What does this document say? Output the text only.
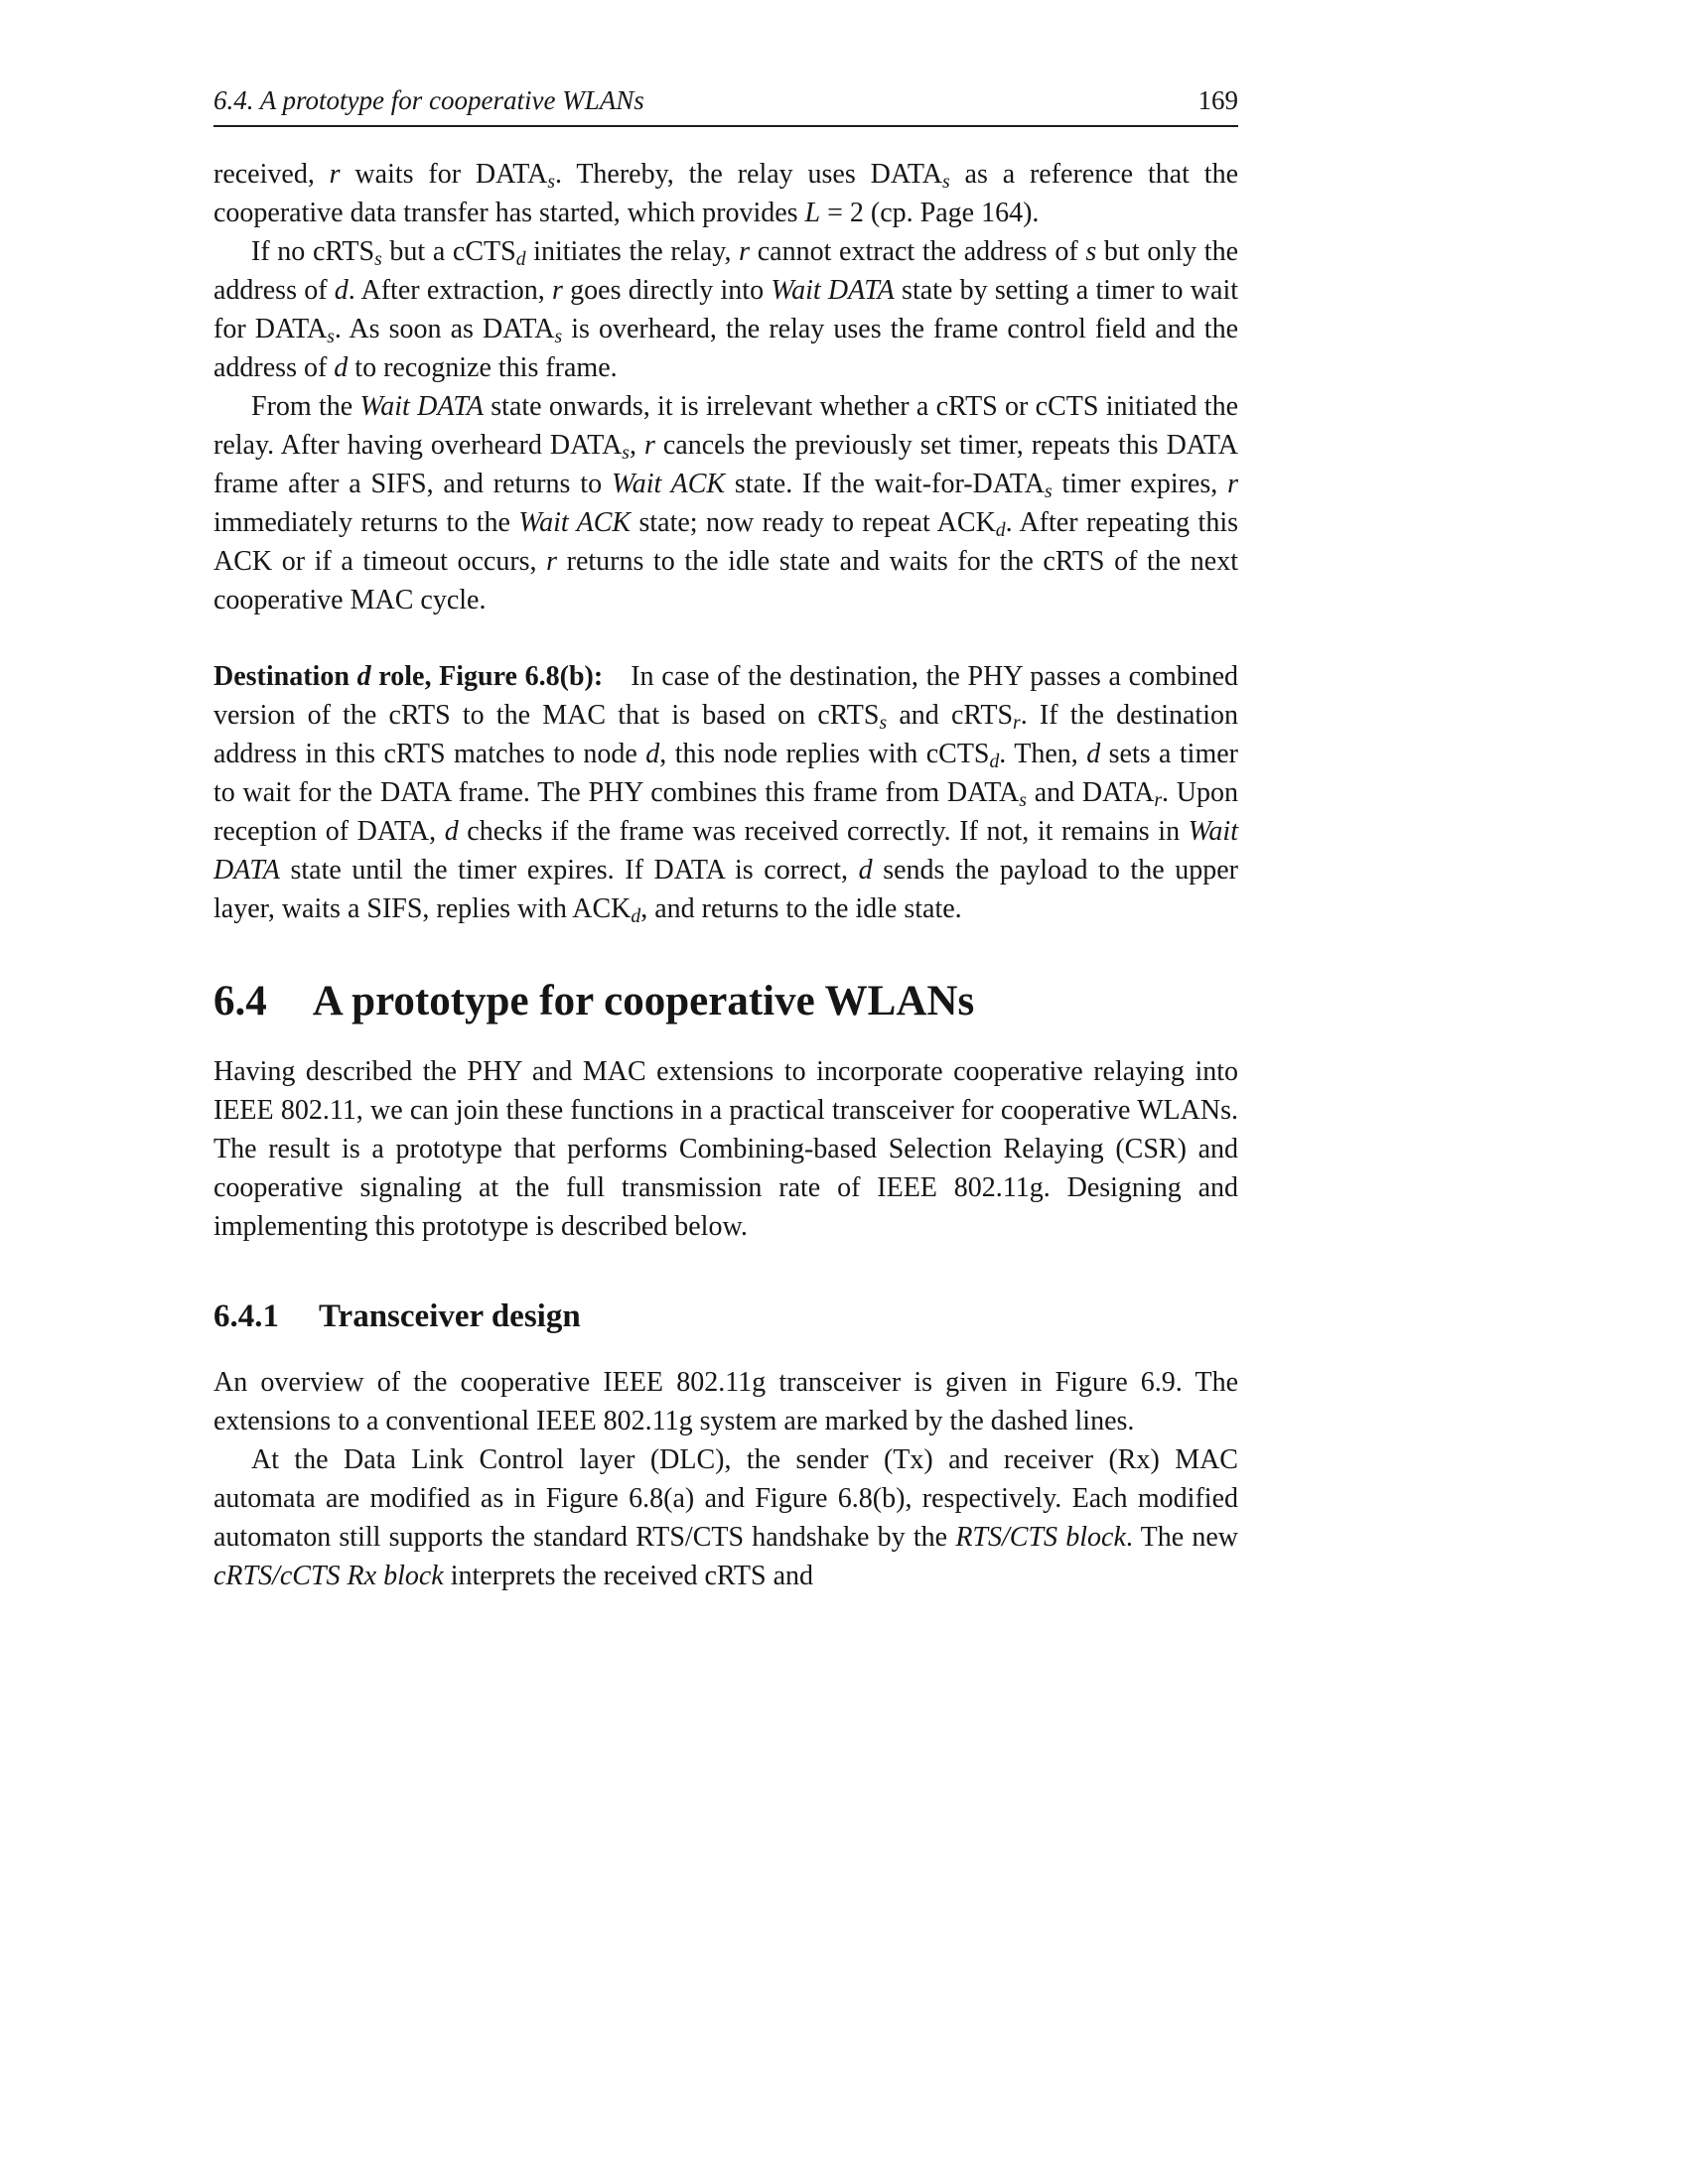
6.4. A prototype for cooperative WLANs	169

received, r waits for $DATA_s$. Thereby, the relay uses $DATA_s$ as a reference that the cooperative data transfer has started, which provides L = 2 (cp. Page 164).

If no cRTS$_s$ but a cCTS$_d$ initiates the relay, r cannot extract the address of s but only the address of d. After extraction, r goes directly into Wait DATA state by setting a timer to wait for $DATA_s$. As soon as $DATA_s$ is overheard, the relay uses the frame control field and the address of d to recognize this frame.

From the Wait DATA state onwards, it is irrelevant whether a cRTS or cCTS initiated the relay. After having overheard $DATA_s$, r cancels the previously set timer, repeats this DATA frame after a SIFS, and returns to Wait ACK state. If the wait-$for-DATA_s$ timer expires, r immediately returns to the Wait ACK state; now ready to repeat $ACK_d$. After repeating this ACK or if a timeout occurs, r returns to the idle state and waits for the cRTS of the next cooperative MAC cycle.

Destination d role, Figure 6.8(b): In case of the destination, the PHY passes a combined version of the cRTS to the MAC that is based on cRTS$_s$ and cRTS$_r$. If the destination address in this cRTS matches to node d, this node replies with cCTS$_d$. Then, d sets a timer to wait for the DATA frame. The PHY combines this frame from $DATA_s$ and $DATA_r$. Upon reception of DATA, d checks if the frame was received correctly. If not, it remains in Wait DATA state until the timer expires. If DATA is correct, d sends the payload to the upper layer, waits a SIFS, replies with $ACK_d$, and returns to the idle state.

6.4 A prototype for cooperative WLANs

Having described the PHY and MAC extensions to incorporate cooperative relaying into IEEE 802.11, we can join these functions in a practical transceiver for cooperative WLANs. The result is a prototype that performs Combining-based Selection Relaying (CSR) and cooperative signaling at the full transmission rate of IEEE 802.11g. Designing and implementing this prototype is described below.

6.4.1 Transceiver design

An overview of the cooperative IEEE 802.11g transceiver is given in Figure 6.9. The extensions to a conventional IEEE 802.11g system are marked by the dashed lines.

At the Data Link Control layer (DLC), the sender (Tx) and receiver (Rx) MAC automata are modified as in Figure 6.8(a) and Figure 6.8(b), respectively. Each modified automaton still supports the standard RTS/CTS handshake by the RTS/CTS block. The new cRTS/cCTS Rx block interprets the received cRTS and
